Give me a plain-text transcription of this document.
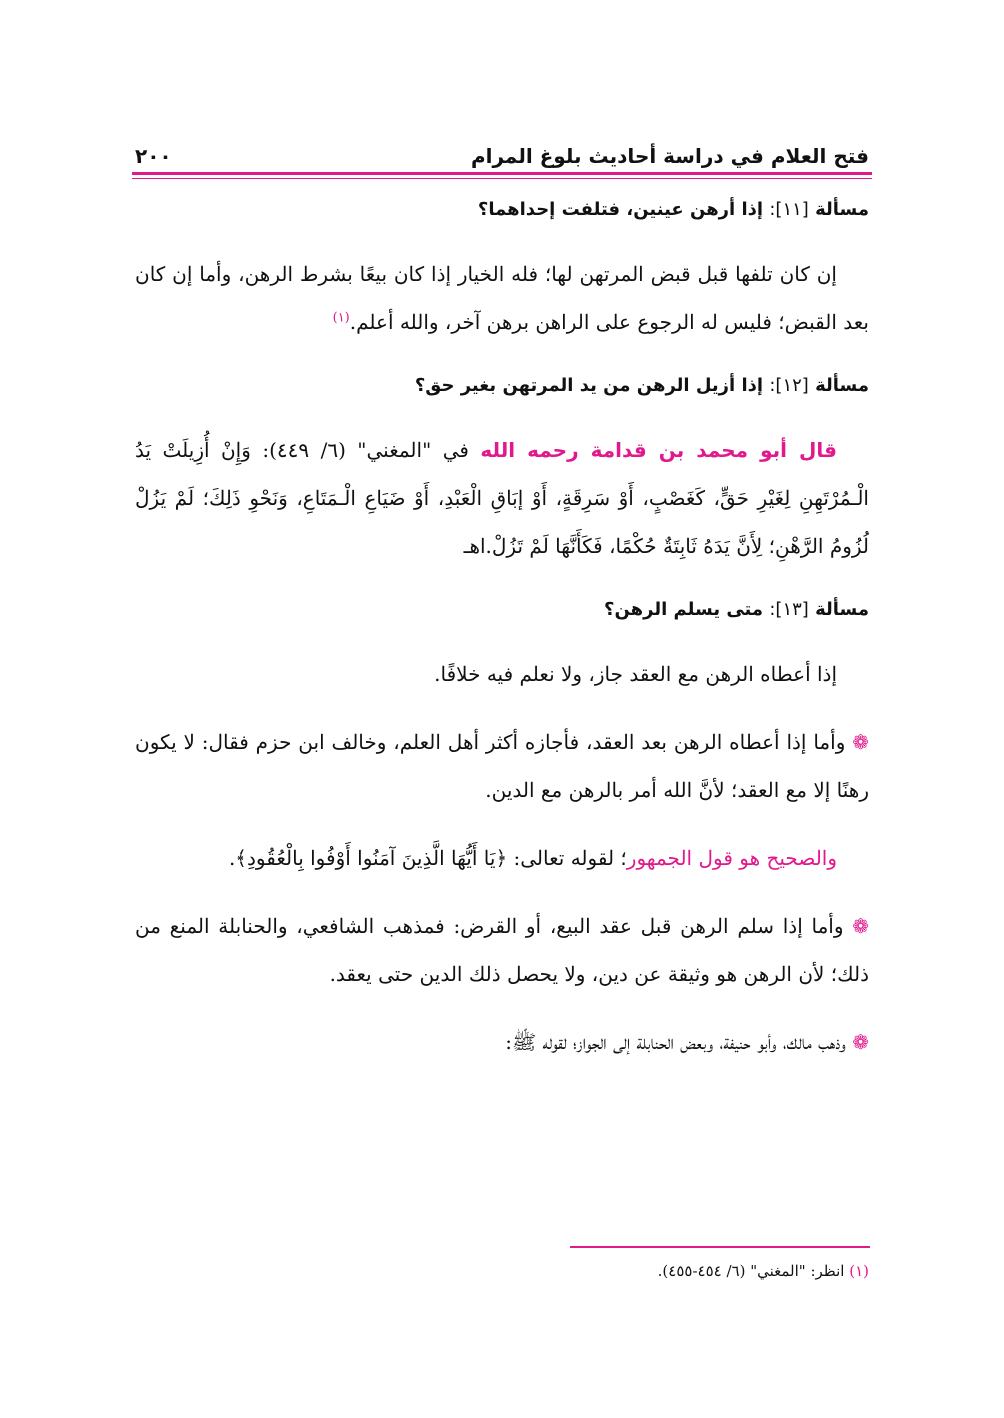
٢٠٠	فتح العلام في دراسة أحاديث بلوغ المرام
مسألة [١١]: إذا أرهن عينين، فتلفت إحداهما؟

إن كان تلفها قبل قبض المرتهن لها؛ فله الخيار إذا كان بيعًا بشرط الرهن، وأما إن كان بعد القبض؛ فليس له الرجوع على الراهن برهن آخر، والله أعلم.$^{(١)}$

مسألة [١٢]: إذا أزيل الرهن من يد المرتهن بغير حق؟

قال أبو محمد بن قدامة رحمه الله في "المغني" (٦/ ٤٤٩): وَإِنْ أُزِيلَتْ يَدُ الْـمُرْتَهِنِ لِغَيْرِ حَقٍّ، كَغَصْبٍ، أَوْ سَرِقَةٍ، أَوْ إبَاقِ الْعَبْدِ، أَوْ ضَيَاعِ الْـمَتَاعِ، وَنَحْوِ ذَلِكَ؛ لَمْ يَزُلْ لُزُومُ الرَّهْنِ؛ لِأَنَّ يَدَهُ ثَابِتَةٌ حُكْمًا، فَكَأَنَّهَا لَمْ تَزُلْ.اهـ

مسألة [١٣]: متى يسلم الرهن؟

إذا أعطاه الرهن مع العقد جاز، ولا نعلم فيه خلافًا.

❁ وأما إذا أعطاه الرهن بعد العقد، فأجازه أكثر أهل العلم، وخالف ابن حزم فقال: لا يكون رهنًا إلا مع العقد؛ لأنَّ الله أمر بالرهن مع الدين.

والصحيح هو قول الجمهور؛ لقوله تعالى: ﴿يَا أَيُّهَا الَّذِينَ آمَنُوا أَوْفُوا بِالْعُقُودِ﴾.

❁ وأما إذا سلم الرهن قبل عقد البيع، أو القرض: فمذهب الشافعي، والحنابلة المنع من ذلك؛ لأن الرهن هو وثيقة عن دين، ولا يحصل ذلك الدين حتى يعقد.

❁ وذهب مالك، وأبو حنيفة، وبعض الحنابلة إلى الجواز؛ لقوله ﷺ:

(١) انظر: "المغني" (٦/ ٤٥٤-٤٥٥).
